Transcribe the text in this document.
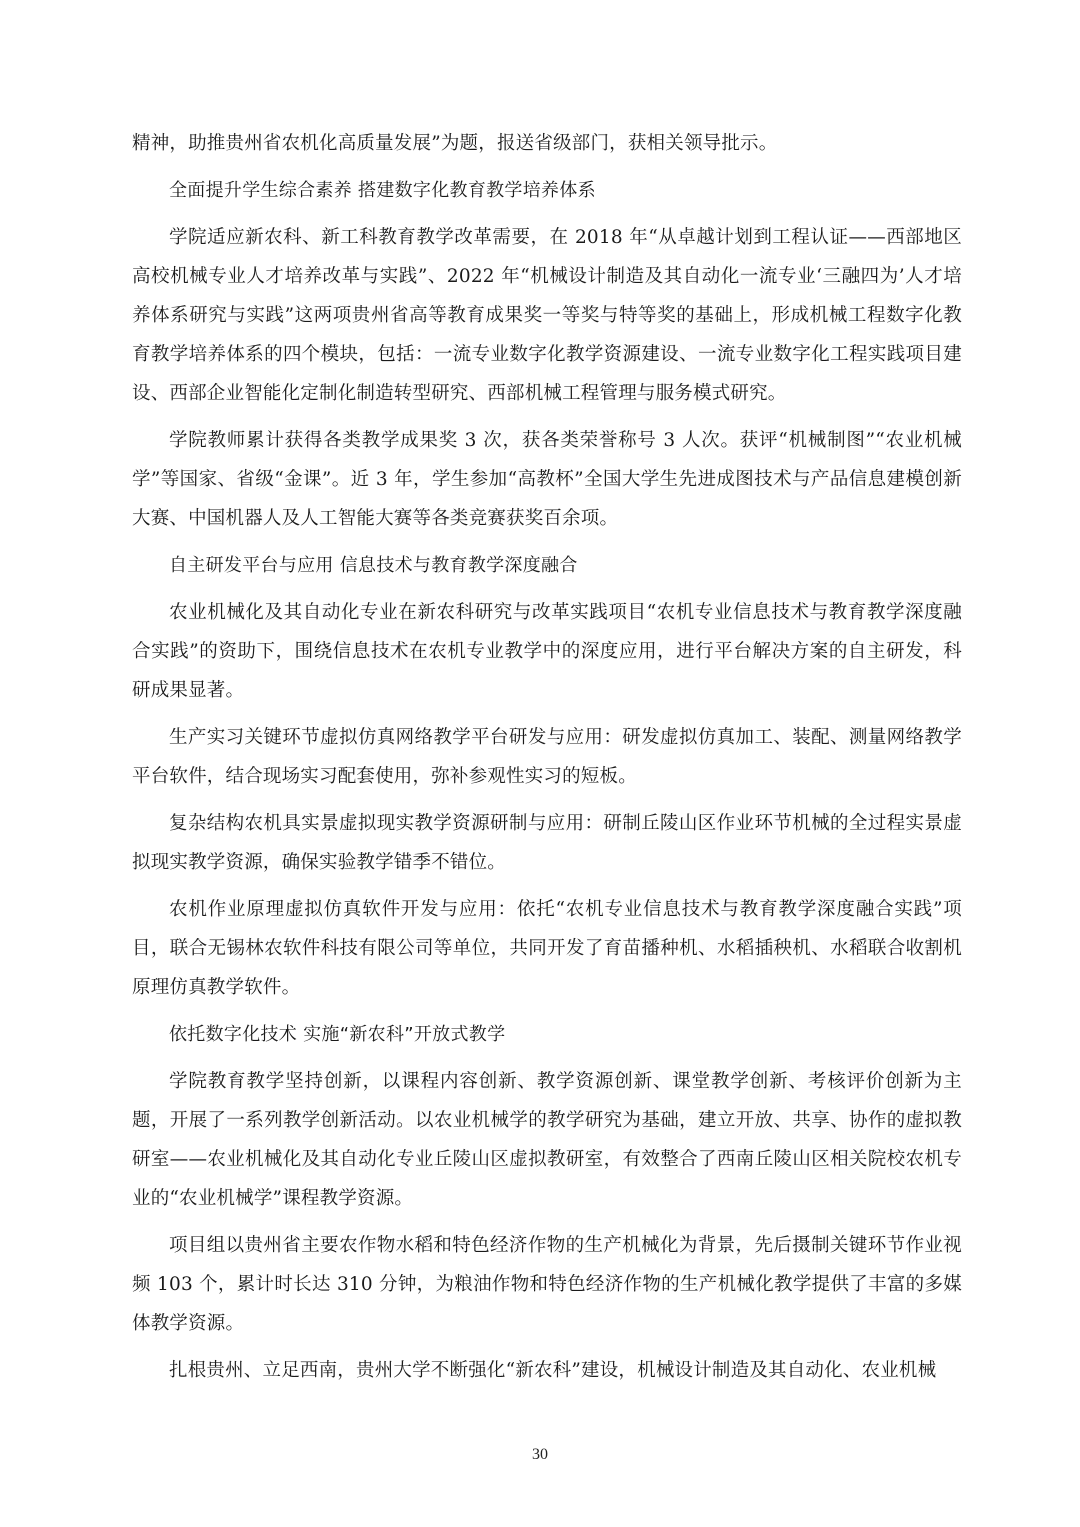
精神，助推贵州省农机化高质量发展”为题，报送省级部门，获相关领导批示。

全面提升学生综合素养 搭建数字化教育教学培养体系

学院适应新农科、新工科教育教学改革需要，在 2018 年“从卓越计划到工程认证——西部地区高校机械专业人才培养改革与实践”、2022 年“机械设计制造及其自动化一流专业‘三融四为’人才培养体系研究与实践”这两项贵州省高等教育成果奖一等奖与特等奖的基础上，形成机械工程数字化教育教学培养体系的四个模块，包括：一流专业数字化教学资源建设、一流专业数字化工程实践项目建设、西部企业智能化定制化制造转型研究、西部机械工程管理与服务模式研究。

学院教师累计获得各类教学成果奖 3 次，获各类荣誉称号 3 人次。获评“机械制图”“农业机械学”等国家、省级“金课”。近 3 年，学生参加“高教杯”全国大学生先进成图技术与产品信息建模创新大赛、中国机器人及人工智能大赛等各类竞赛获奖百余项。

自主研发平台与应用 信息技术与教育教学深度融合

农业机械化及其自动化专业在新农科研究与改革实践项目“农机专业信息技术与教育教学深度融合实践”的资助下，围绕信息技术在农机专业教学中的深度应用，进行平台解决方案的自主研发，科研成果显著。

生产实习关键环节虚拟仿真网络教学平台研发与应用：研发虚拟仿真加工、装配、测量网络教学平台软件，结合现场实习配套使用，弥补参观性实习的短板。

复杂结构农机具实景虚拟现实教学资源研制与应用：研制丘陵山区作业环节机械的全过程实景虚拟现实教学资源，确保实验教学错季不错位。

农机作业原理虚拟仿真软件开发与应用：依托“农机专业信息技术与教育教学深度融合实践”项目，联合无锡林农软件科技有限公司等单位，共同开发了育苗播种机、水稻插秧机、水稻联合收割机原理仿真教学软件。

依托数字化技术 实施“新农科”开放式教学

学院教育教学坚持创新，以课程内容创新、教学资源创新、课堂教学创新、考核评价创新为主题，开展了一系列教学创新活动。以农业机械学的教学研究为基础，建立开放、共享、协作的虚拟教研室——农业机械化及其自动化专业丘陵山区虚拟教研室，有效整合了西南丘陵山区相关院校农机专业的“农业机械学”课程教学资源。

项目组以贵州省主要农作物水稻和特色经济作物的生产机械化为背景，先后摄制关键环节作业视频 103 个，累计时长达 310 分钟，为粮油作物和特色经济作物的生产机械化教学提供了丰富的多媒体教学资源。

扎根贵州、立足西南，贵州大学不断强化“新农科”建设，机械设计制造及其自动化、农业机械

30
